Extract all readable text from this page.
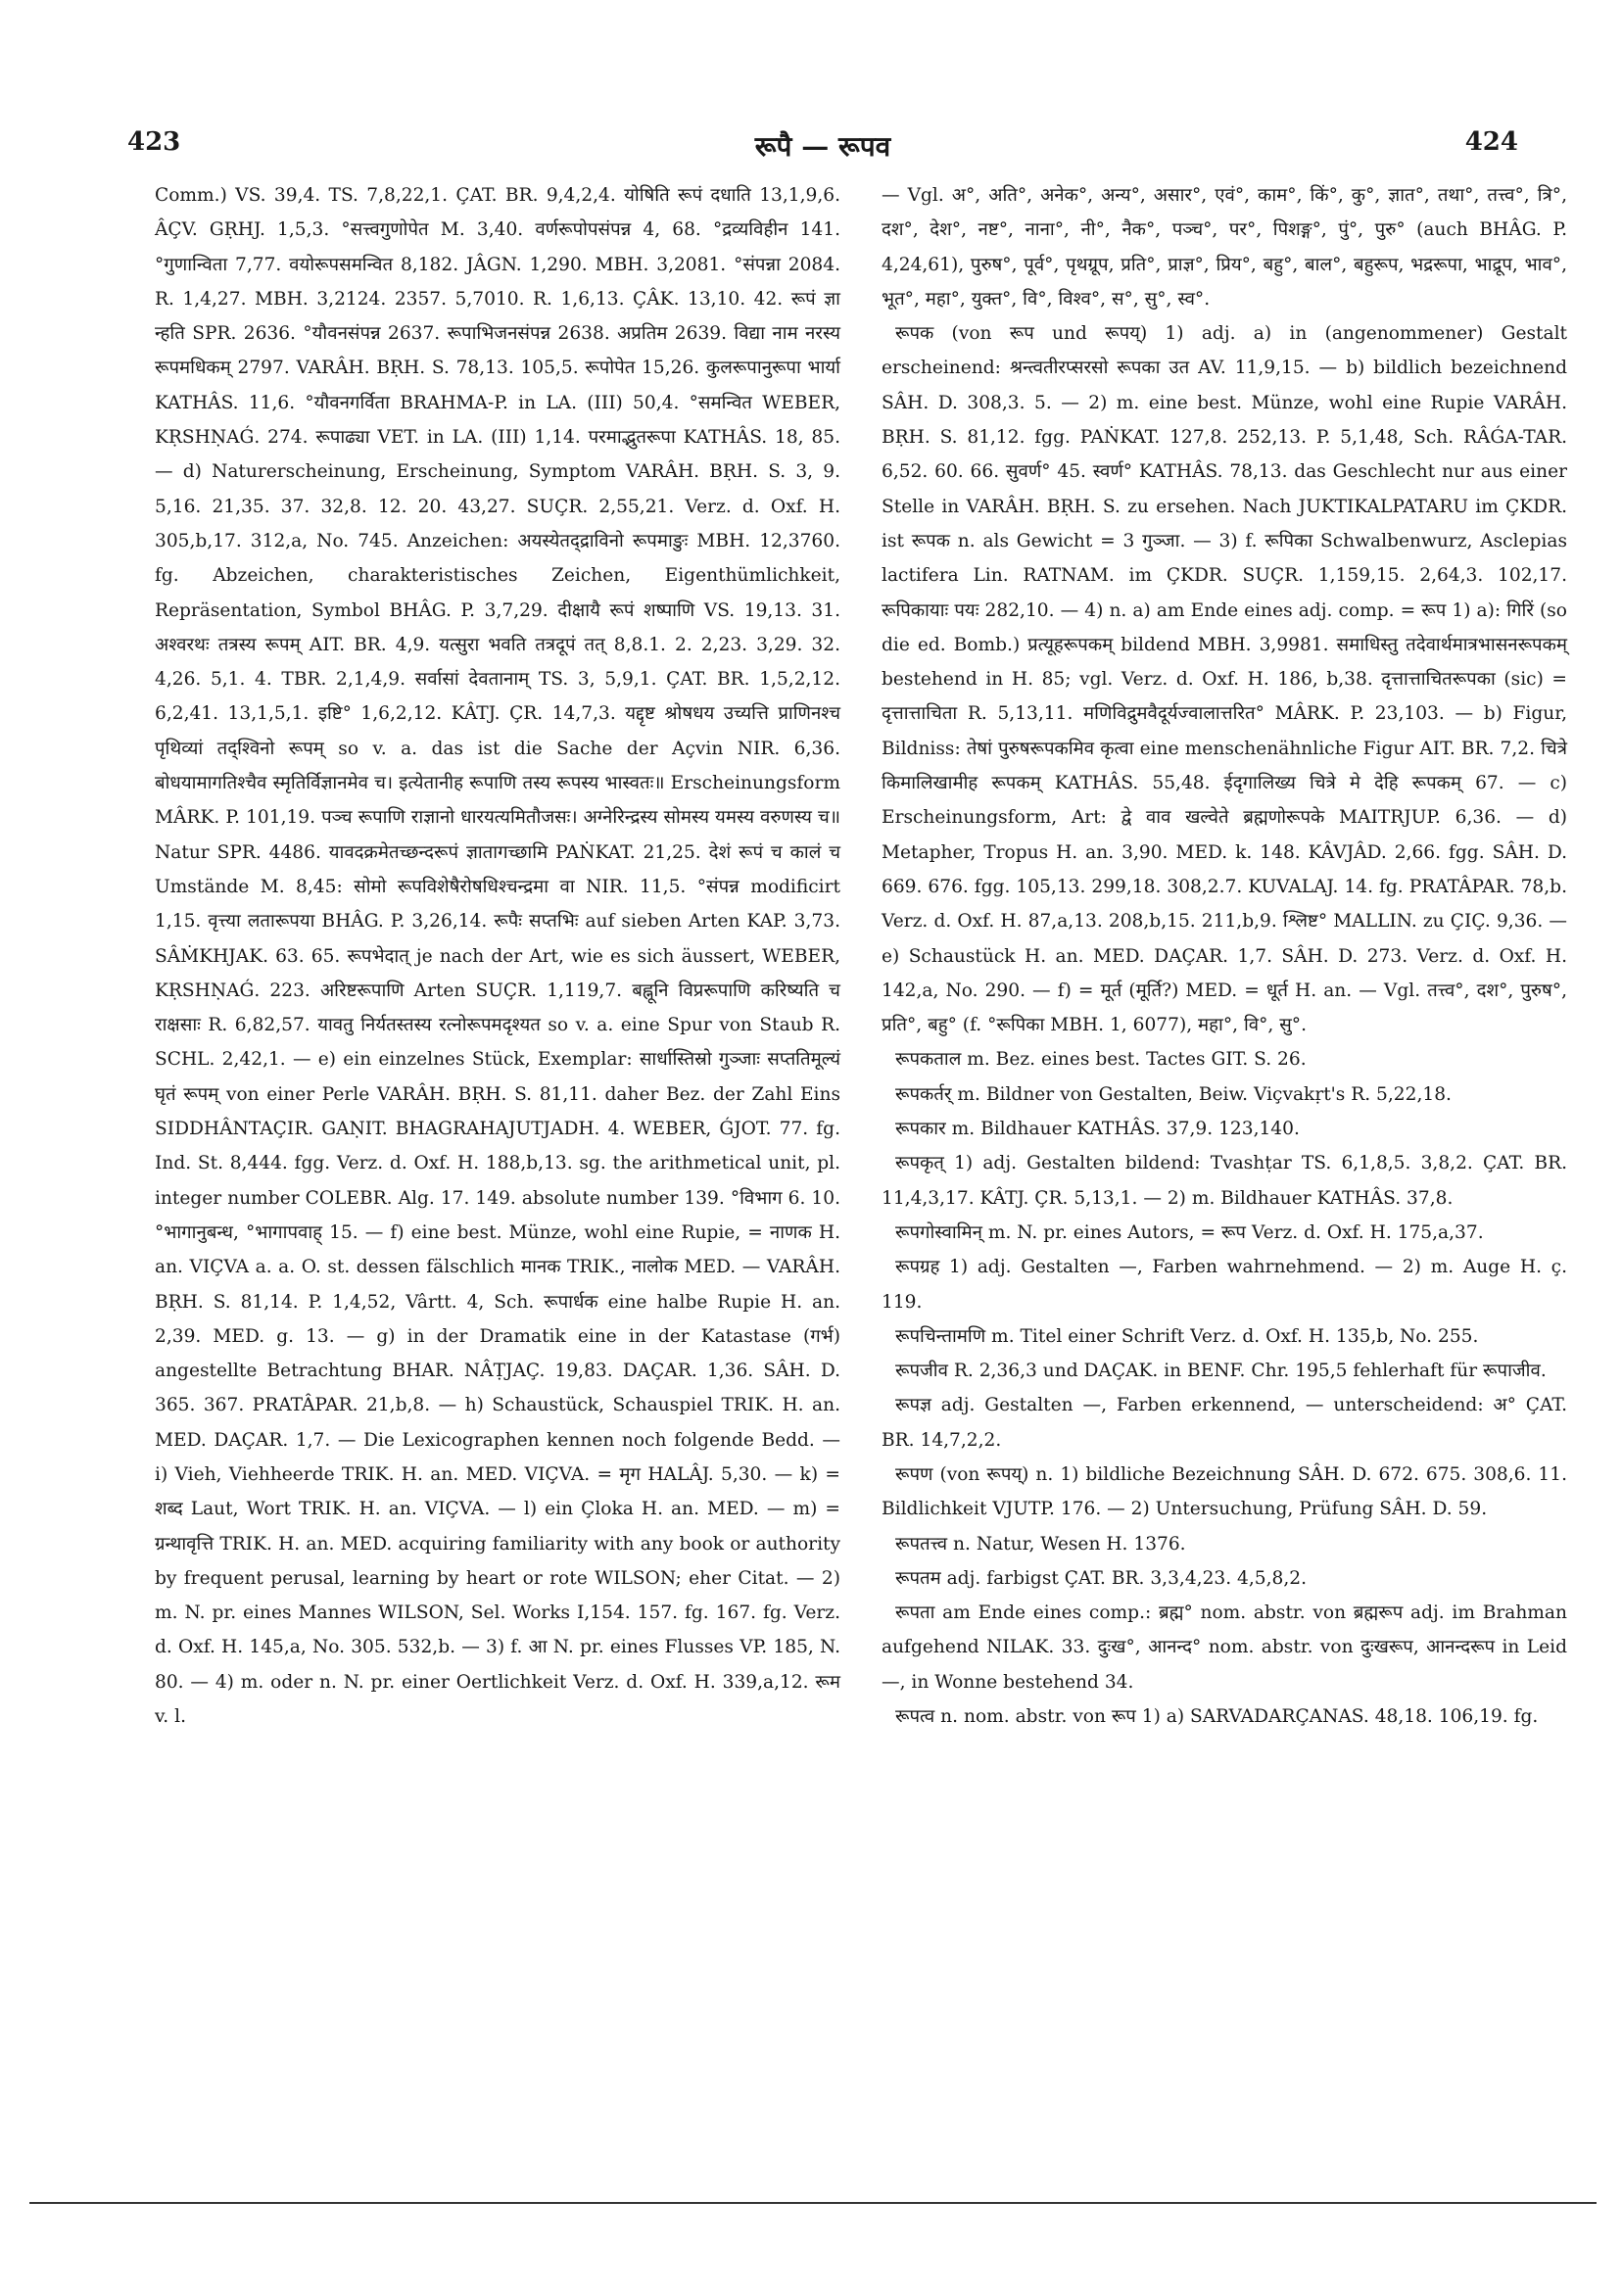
423	रूपै — रूपव	424

Comm.) VS. 39,4. TS. 7,8,22,1. ÇAT. BR. 9,4,2,4. योषिति रूपं दधाति 13,1,9,6. ÂÇV. GṚHJ. 1,5,3. °सत्त्वगुणोपेत M. 3,40. वर्णरूपोपसंपन्न 4, 68. °द्रव्यविहीन 141. °गुणान्विता 7,77. वयोरूपसमन्वित 8,182. JÂGN. 1,290. MBH. 3,2081. °संपन्ना 2084. R. 1,4,27. MBH. 3,2124. 2357. 5,7010. R. 1,6,13. ÇÂK. 13,10. 42. रूपं ज्ञा न्हति SPR. 2636. °यौवनसंपन्न 2637. रूपाभिजनसंपन्न 2638. अप्रतिम 2639. विद्या नाम नरस्य रूपमधिकम् 2797. VARÂH. BṚH. S. 78,13. 105,5. रूपोपेत 15,26. कुलरूपानुरूपा भार्या KATHÂS. 11,6. °यौवनगर्विता BRAHMA-P. in LA. (III) 50,4. °समन्वित WEBER, KṚSHṆAǴ. 274. रूपाढ्या VET. in LA. (III) 1,14. परमाद्भुतरूपा KATHÂS. 18, 85. — d) Naturerscheinung, Erscheinung, Symptom VARÂH. BṚH. S. 3, 9. 5,16. 21,35. 37. 32,8. 12. 20. 43,27. SUÇR. 2,55,21. Verz. d. Oxf. H. 305,b,17. 312,a, No. 745. Anzeichen: अयस्येतद्द्राविनो रूपमाङुः MBH. 12,3760. fg. Abzeichen, charakteristisches Zeichen, Eigenthümlichkeit, Repräsentation, Symbol BHÂG. P. 3,7,29. दीक्षायै रूपं शष्पाणि VS. 19,13. 31. अश्वरथः तत्रस्य रूपम् AIT. BR. 4,9. यत्सुरा भवति तत्रदूपं तत् 8,8.1. 2. 2,23. 3,29. 32. 4,26. 5,1. 4. TBR. 2,1,4,9. सर्वासां देवतानाम् TS. 3, 5,9,1. ÇAT. BR. 1,5,2,12. 6,2,41. 13,1,5,1. इष्टि° 1,6,2,12. KÂTJ. ÇR. 14,7,3. यद्दृष्ट श्रोषधय उच्यत्ति प्राणिनश्च पृथिव्यां तद्श्विनो रूपम् so v. a. das ist die Sache der Açvin NIR. 6,36. बोधयामागतिश्चैव स्मृतिर्विज्ञानमेव च। इत्येतानीह रूपाणि तस्य रूपस्य भास्वतः॥ Erscheinungsform MÂRK. P. 101,19. पञ्च रूपाणि राज्ञानो धारयत्यमितौजसः। अग्नेरिन्द्रस्य सोमस्य यमस्य वरुणस्य च॥ Natur SPR. 4486. यावदक्रमेतच्छन्दरूपं ज्ञातागच्छामि PAṄKAT. 21,25. देशं रूपं च कालं च Umstände M. 8,45: सोमो रूपविशेषैरोषधिश्चन्द्रमा वा NIR. 11,5. °संपन्न modificirt 1,15. वृत्त्या लतारूपया BHÂG. P. 3,26,14. रूपैः सप्तभिः auf sieben Arten KAP. 3,73. SÂṀKHJAK. 63. 65. रूपभेदात् je nach der Art, wie es sich äussert, WEBER, KṚSHṆAǴ. 223. अरिष्टरूपाणि Arten SUÇR. 1,119,7. बह्नूनि विप्ररूपाणि करिष्यति च राक्षसाः R. 6,82,57. यावतु निर्यतस्तस्य रत्नोरूपमदृश्यत so v. a. eine Spur von Staub R. SCHL. 2,42,1. — e) ein einzelnes Stück, Exemplar: सार्धास्तिस्रो गुञ्जाः सप्ततिमूल्यं घृतं रूपम् von einer Perle VARÂH. BṚH. S. 81,11. daher Bez. der Zahl Eins SIDDHÂNTAÇIR. GAṆIT. BHAGRAHAJUTJADH. 4. WEBER, ǴJOT. 77. fg. Ind. St. 8,444. fgg. Verz. d. Oxf. H. 188,b,13. sg. the arithmetical unit, pl. integer number COLEBR. Alg. 17. 149. absolute number 139. °विभाग 6. 10. °भागानुबन्ध, °भागापवाह् 15. — f) eine best. Münze, wohl eine Rupie, = नाणक H. an. VIÇVA a. a. O. st. dessen fälschlich मानक TRIK., नालोक MED. — VARÂH. BṚH. S. 81,14. P. 1,4,52, Vârtt. 4, Sch. रूपार्धक eine halbe Rupie H. an. 2,39. MED. g. 13. — g) in der Dramatik eine in der Katastase (गर्भ) angestellte Betrachtung BHAR. NÂṬJAÇ. 19,83. DAÇAR. 1,36. SÂH. D. 365. 367. PRATÂPAR. 21,b,8. — h) Schaustück, Schauspiel TRIK. H. an. MED. DAÇAR. 1,7. — Die Lexicographen kennen noch folgende Bedd. — i) Vieh, Viehheerde TRIK. H. an. MED. VIÇVA. = मृग HALÂJ. 5,30. — k) = शब्द Laut, Wort TRIK. H. an. VIÇVA. — l) ein Çloka H. an. MED. — m) = ग्रन्थावृत्ति TRIK. H. an. MED. acquiring familiarity with any book or authority by frequent perusal, learning by heart or rote WILSON; eher Citat. — 2) m. N. pr. eines Mannes WILSON, Sel. Works I,154. 157. fg. 167. fg. Verz. d. Oxf. H. 145,a, No. 305. 532,b. — 3) f. आ N. pr. eines Flusses VP. 185, N. 80. — 4) m. oder n. N. pr. einer Oertlichkeit Verz. d. Oxf. H. 339,a,12. रूम v. l.

— Vgl. अ°, अति°, अनेक°, अन्य°, असार°, एवं°, काम°, किं°, कु°, ज्ञात°, तथा°, तत्त्व°, त्रि°, दश°, देश°, नष्ट°, नाना°, नी°, नैक°, पञ्च°, पर°, पिशङ्ग°, पुं°, पुरु° (auch BHÂG. P. 4,24,61), पुरुष°, पूर्व°, पृथग्रूप, प्रति°, प्राज्ञ°, प्रिय°, बहु°, बाल°, बहुरूप, भद्ररूपा, भाद्रूप, भाव°, भूत°, महा°, युक्त°, वि°, विश्व°, स°, सु°, स्व°.

रूपक (von रूप und रूपय्) 1) adj. a) in (angenommener) Gestalt erscheinend: श्रन्त्वतीरप्सरसो रूपका उत AV. 11,9,15. — b) bildlich bezeichnend SÂH. D. 308,3. 5. — 2) m. eine best. Münze, wohl eine Rupie VARÂH. BṚH. S. 81,12. fgg. PAṄKAT. 127,8. 252,13. P. 5,1,48, Sch. RÂǴA-TAR. 6,52. 60. 66. सुवर्ण° 45. स्वर्ण° KATHÂS. 78,13. das Geschlecht nur aus einer Stelle in VARÂH. BṚH. S. zu ersehen. Nach JUKTIKALPATARU im ÇKDR. ist रूपक n. als Gewicht = 3 गुञ्जा. — 3) f. रूपिका Schwalbenwurz, Asclepias lactifera Lin. RATNAM. im ÇKDR. SUÇR. 1,159,15. 2,64,3. 102,17. रूपिकायाः पयः 282,10. — 4) n. a) am Ende eines adj. comp. = रूप 1) a): गिरिं (so die ed. Bomb.) प्रत्यूहरूपकम् bildend MBH. 3,9981. समाधिस्तु तदेवार्थमात्रभासनरूपकम् bestehend in H. 85; vgl. Verz. d. Oxf. H. 186, b,38. दृत्तात्ताचितरूपका (sic) = दृत्तात्ताचिता R. 5,13,11. मणिविद्रुमवैदूर्यज्वालात्तरित° MÂRK. P. 23,103. — b) Figur, Bildniss: तेषां पुरुषरूपकमिव कृत्वा eine menschenähnliche Figur AIT. BR. 7,2. चित्रे किमालिखामीह रूपकम् KATHÂS. 55,48. ईदृगालिख्य चित्रे मे देहि रूपकम् 67. — c) Erscheinungsform, Art: द्वे वाव खल्वेते ब्रह्मणोरूपके MAITRJUP. 6,36. — d) Metapher, Tropus H. an. 3,90. MED. k. 148. KÂVJÂD. 2,66. fgg. SÂH. D. 669. 676. fgg. 105,13. 299,18. 308,2.7. KUVALAJ. 14. fg. PRATÂPAR. 78,b. Verz. d. Oxf. H. 87,a,13. 208,b,15. 211,b,9. श्लिष्ट° MALLIN. zu ÇIÇ. 9,36. — e) Schaustück H. an. MED. DAÇAR. 1,7. SÂH. D. 273. Verz. d. Oxf. H. 142,a, No. 290. — f) = मूर्त (मूर्ति?) MED. = धूर्त H. an. — Vgl. तत्त्व°, दश°, पुरुष°, प्रति°, बहु° (f. °रूपिका MBH. 1, 6077), महा°, वि°, सु°.

रूपकताल m. Bez. eines best. Tactes GIT. S. 26.

रूपकर्तर् m. Bildner von Gestalten, Beiw. Viçvakṛt's R. 5,22,18.

रूपकार m. Bildhauer KATHÂS. 37,9. 123,140.

रूपकृत् 1) adj. Gestalten bildend: Tvashṭar TS. 6,1,8,5. 3,8,2. ÇAT. BR. 11,4,3,17. KÂTJ. ÇR. 5,13,1. — 2) m. Bildhauer KATHÂS. 37,8.

रूपगोस्वामिन् m. N. pr. eines Autors, = रूप Verz. d. Oxf. H. 175,a,37.

रूपग्रह 1) adj. Gestalten —, Farben wahrnehmend. — 2) m. Auge H. ç. 119.

रूपचिन्तामणि m. Titel einer Schrift Verz. d. Oxf. H. 135,b, No. 255.

रूपजीव R. 2,36,3 und DAÇAK. in BENF. Chr. 195,5 fehlerhaft für रूपाजीव.

रूपज्ञ adj. Gestalten —, Farben erkennend, — unterscheidend: अ° ÇAT. BR. 14,7,2,2.

रूपण (von रूपय्) n. 1) bildliche Bezeichnung SÂH. D. 672. 675. 308,6. 11. Bildlichkeit VJUTP. 176. — 2) Untersuchung, Prüfung SÂH. D. 59.

रूपतत्त्व n. Natur, Wesen H. 1376.

रूपतम adj. farbigst ÇAT. BR. 3,3,4,23. 4,5,8,2.

रूपता am Ende eines comp.: ब्रह्म° nom. abstr. von ब्रह्मरूप adj. im Brahman aufgehend NILAK. 33. दुःख°, आनन्द° nom. abstr. von दुःखरूप, आनन्दरूप in Leid —, in Wonne bestehend 34.

रूपत्व n. nom. abstr. von रूप 1) a) SARVADARÇANAS. 48,18. 106,19. fg.
